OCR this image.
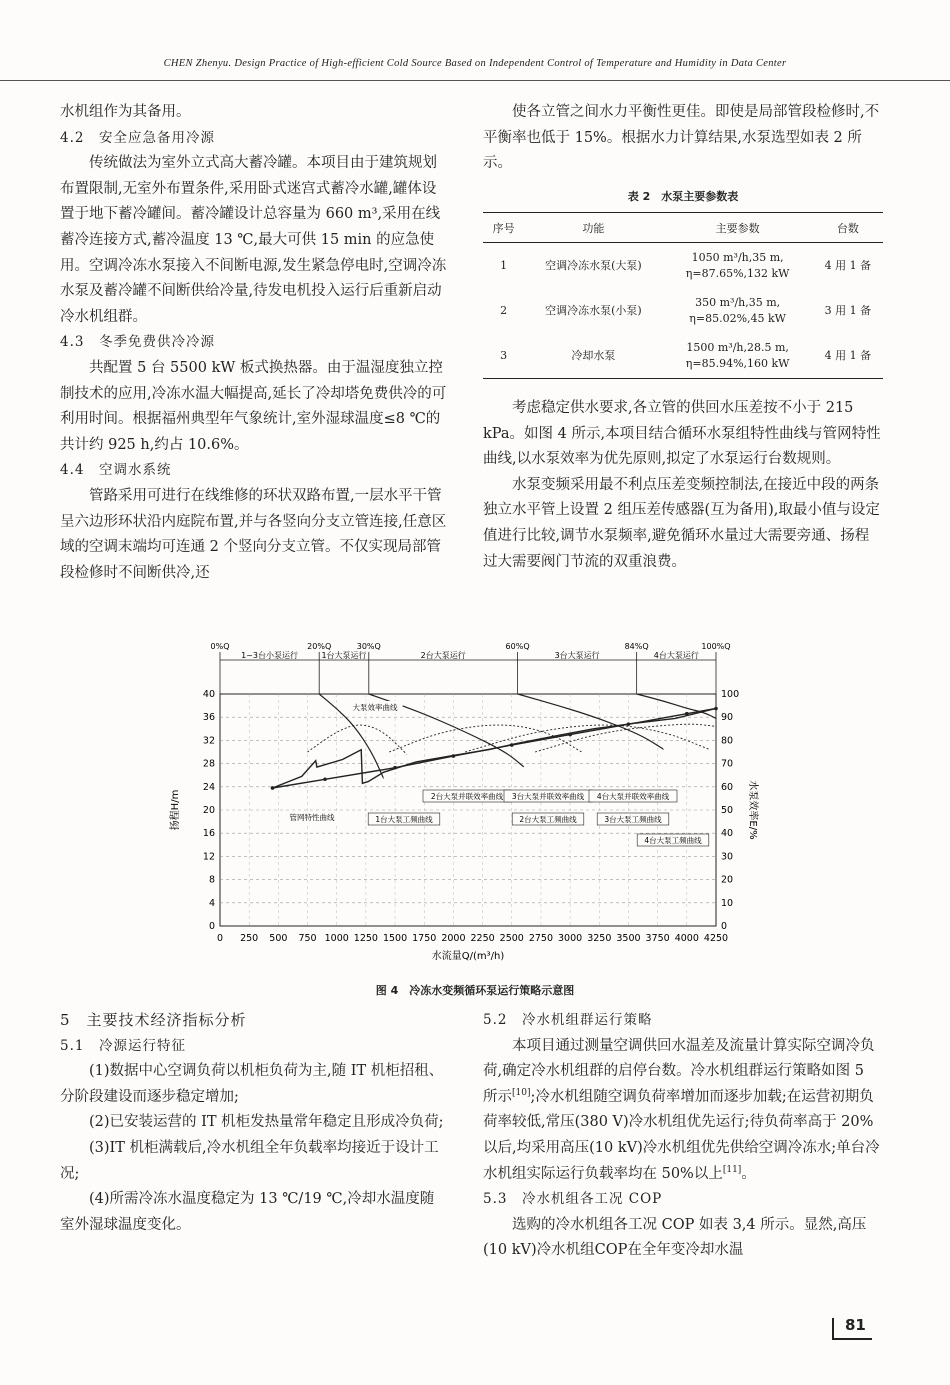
CHEN Zhenyu. Design Practice of High-efficient Cold Source Based on Independent Control of Temperature and Humidity in Data Center

水机组作为其备用。

4.2　安全应急备用冷源

传统做法为室外立式高大蓄冷罐。本项目由于建筑规划布置限制,无室外布置条件,采用卧式迷宫式蓄冷水罐,罐体设置于地下蓄冷罐间。蓄冷罐设计总容量为 660 m³,采用在线蓄冷连接方式,蓄冷温度 13 ℃,最大可供 15 min 的应急使用。空调冷冻水泵接入不间断电源,发生紧急停电时,空调冷冻水泵及蓄冷罐不间断供给冷量,待发电机投入运行后重新启动冷水机组群。

4.3　冬季免费供冷冷源

共配置 5 台 5500 kW 板式换热器。由于温湿度独立控制技术的应用,冷冻水温大幅提高,延长了冷却塔免费供冷的可利用时间。根据福州典型年气象统计,室外湿球温度≤8 ℃的共计约 925 h,约占 10.6%。

4.4　空调水系统

管路采用可进行在线维修的环状双路布置,一层水平干管呈六边形环状沿内庭院布置,并与各竖向分支立管连接,任意区域的空调末端均可连通 2 个竖向分支立管。不仅实现局部管段检修时不间断供冷,还

使各立管之间水力平衡性更佳。即使是局部管段检修时,不平衡率也低于 15%。根据水力计算结果,水泵选型如表 2 所示。

表 2　水泵主要参数表
序号	功能	主要参数	台数
1	空调冷冻水泵(大泵)	1050 m³/h,35 m,
η=87.65%,132 kW	4 用 1 备
2	空调冷冻水泵(小泵)	350 m³/h,35 m,
η=85.02%,45 kW	3 用 1 备
3	冷却水泵	1500 m³/h,28.5 m,
η=85.94%,160 kW	4 用 1 备

考虑稳定供水要求,各立管的供回水压差按不小于 215 kPa。如图 4 所示,本项目结合循环水泵组特性曲线与管网特性曲线,以水泵效率为优先原则,拟定了水泵运行台数规则。

水泵变频采用最不利点压差变频控制法,在接近中段的两条独立水平管上设置 2 组压差传感器(互为备用),取最小值与设定值进行比较,调节水泵频率,避免循环水量过大需要旁通、扬程过大需要阀门节流的双重浪费。

0 250 500 750 1000 1250 1500 1750 2000 2250 2500 2750 3000 3250 3500 3750 4000 4250
0
4
8
12
16
20
24
28
32
36
40
0
10
20
30
40
50
60
70
80
90
100
水流量Q/(m³/h)
扬程H/m	水泵效率E/%
0%Q	20%Q	30%Q	60%Q	84%Q	100%Q
1~3台小泵运行	1台大泵运行	2台大泵运行	3台大泵运行	4台大泵运行
大泵效率曲线
2台大泵并联效率曲线 3台大泵并联效率曲线 4台大泵并联效率曲线
管网特性曲线	1台大泵工频曲线	2台大泵工频曲线	3台大泵工频曲线
4台大泵工频曲线
图 4　冷冻水变频循环泵运行策略示意图

5　主要技术经济指标分析

5.1　冷源运行特征

(1)数据中心空调负荷以机柜负荷为主,随 IT 机柜招租、分阶段建设而逐步稳定增加;

(2)已安装运营的 IT 机柜发热量常年稳定且形成冷负荷;

(3)IT 机柜满载后,冷水机组全年负载率均接近于设计工况;

(4)所需冷冻水温度稳定为 13 ℃/19 ℃,冷却水温度随室外湿球温度变化。

5.2　冷水机组群运行策略

本项目通过测量空调供回水温差及流量计算实际空调冷负荷,确定冷水机组群的启停台数。冷水机组群运行策略如图 5 所示[10];冷水机组随空调负荷率增加而逐步加载;在运营初期负荷率较低,常压(380 V)冷水机组优先运行;待负荷率高于 20%以后,均采用高压(10 kV)冷水机组优先供给空调冷冻水;单台冷水机组实际运行负载率均在 50%以上[11]。

5.3　冷水机组各工况 COP

选购的冷水机组各工况 COP 如表 3,4 所示。显然,高压(10 kV)冷水机组COP在全年变冷却水温

81
